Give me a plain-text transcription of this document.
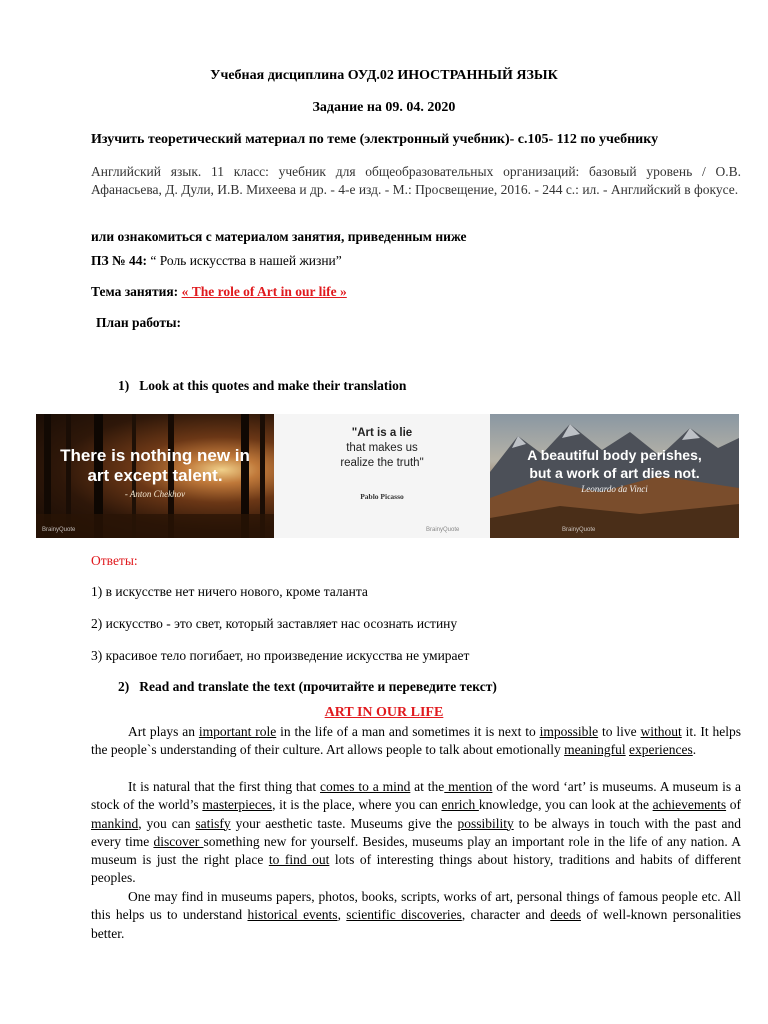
Учебная дисциплина ОУД.02 ИНОСТРАННЫЙ ЯЗЫК
Задание на 09. 04. 2020
Изучить теоретический материал по теме (электронный учебник)- с.105- 112 по учебнику
Английский язык. 11 класс: учебник для общеобразовательных организаций: базовый уровень / О.В. Афанасьева, Д. Дули, И.В. Михеева и др. - 4-е изд. - М.: Просвещение, 2016. - 244 с.: ил. - Английский в фокусе.
или ознакомиться с материалом занятия, приведенным ниже
ПЗ № 44: “ Роль искусства в нашей жизни”
Тема занятия: « The role of Art in our life »
План работы:
1) Look at this quotes and make their translation
There is nothing new in
art except talent.
- Anton Chekhov
BrainyQuote
"Art is a lie
that makes us
realize the truth"
Pablo Picasso
BrainyQuote
A beautiful body perishes,
but a work of art dies not.
Leonardo da Vinci
BrainyQuote
Ответы:
1) в искусстве нет ничего нового, кроме таланта
2) искусство - это свет, который заставляет нас осознать истину
3) красивое тело погибает, но произведение искусства не умирает
2) Read and translate the text (прочитайте и переведите текст)
ART IN OUR LIFE
Art plays an important role in the life of a man and sometimes it is next to impossible to live without it. It helps the people`s understanding of their culture. Art allows people to talk about emotionally meaningful experiences.
It is natural that the first thing that comes to a mind at the mention of the word ‘art’ is museums. A museum is a stock of the world’s masterpieces, it is the place, where you can enrich knowledge, you can look at the achievements of mankind, you can satisfy your aesthetic taste. Museums give the possibility to be always in touch with the past and every time discover something new for yourself. Besides, museums play an important role in the life of any nation. A museum is just the right place to find out lots of interesting things about history, traditions and habits of different peoples.
One may find in museums papers, photos, books, scripts, works of art, personal things of famous people etc. All this helps us to understand historical events, scientific discoveries, character and deeds of well-known personalities better.
